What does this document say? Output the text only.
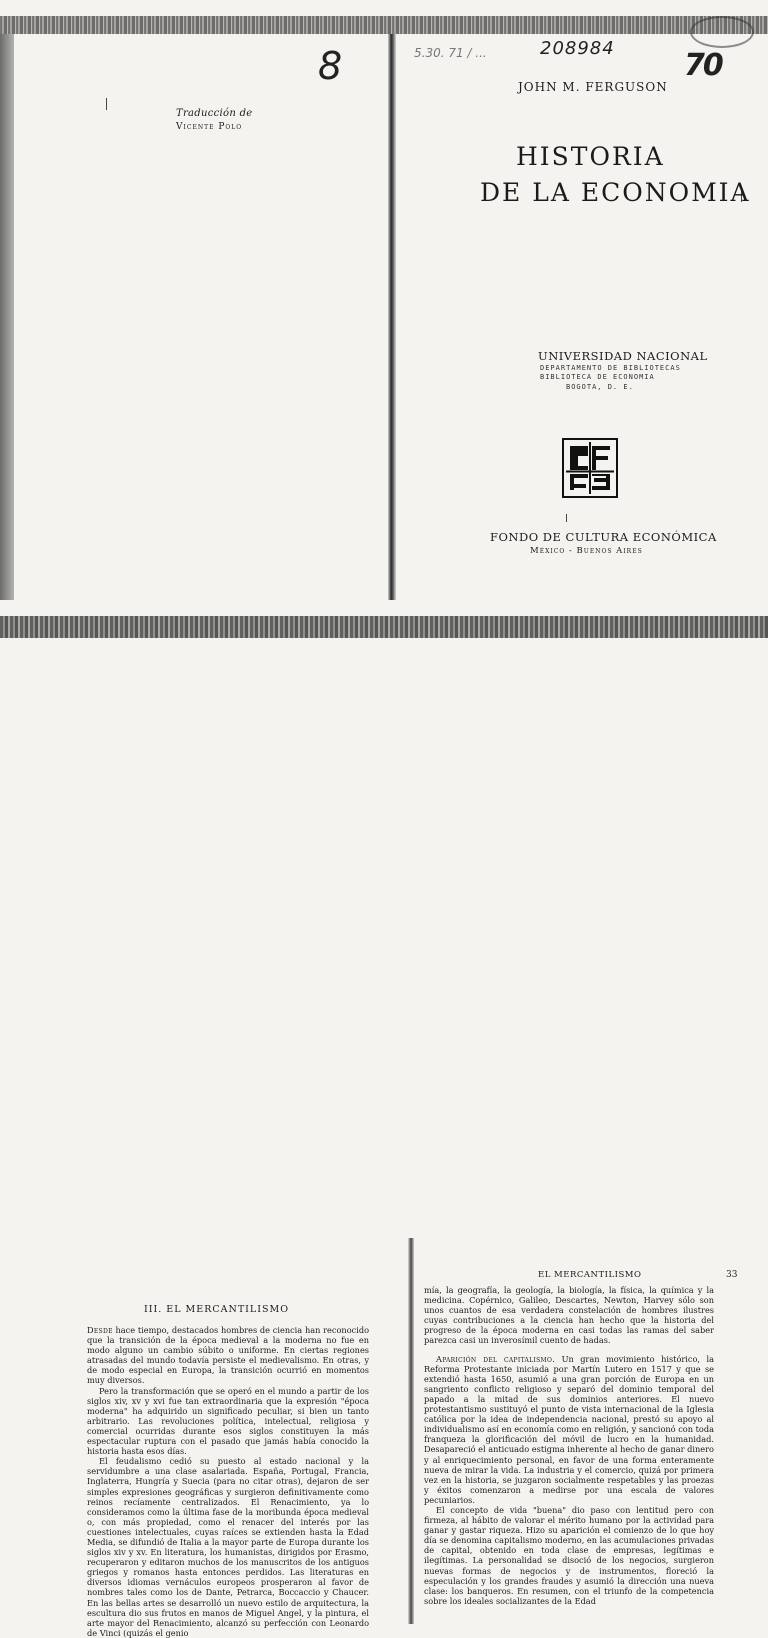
Traducción de
Vicente Polo
8	5.30. 71 / ...	208984 70
JOHN M. FERGUSON
HISTORIA
DE LA ECONOMIA
UNIVERSIDAD NACIONAL
DEPARTAMENTO DE BIBLIOTECAS
BIBLIOTECA DE ECONOMIA
BOGOTA, D. E.
FONDO DE CULTURA ECONÓMICA
México - Buenos Aires
III. EL MERCANTILISMO

Desde hace tiempo, destacados hombres de ciencia han reconocido que la transición de la época medieval a la moderna no fue en modo alguno un cambio súbito o uniforme. En ciertas regiones atrasadas del mundo todavía persiste el medievalismo. En otras, y de modo especial en Europa, la transición ocurrió en momentos muy diversos.

Pero la transformación que se operó en el mundo a partir de los siglos xiv, xv y xvi fue tan extraordinaria que la expresión "época moderna" ha adquirido un significado peculiar, si bien un tanto arbitrario. Las revoluciones política, intelectual, religiosa y comercial ocurridas durante esos siglos constituyen la más espectacular ruptura con el pasado que jamás había conocido la historia hasta esos días.

El feudalismo cedió su puesto al estado nacional y la servidumbre a una clase asalariada. España, Portugal, Francia, Inglaterra, Hungría y Suecia (para no citar otras), dejaron de ser simples expresiones geográficas y surgieron definitivamente como reinos recíamente centralizados. El Renacimiento, ya lo consideramos como la última fase de la moribunda época medieval o, con más propiedad, como el renacer del interés por las cuestiones intelectuales, cuyas raíces se extienden hasta la Edad Media, se difundió de Italia a la mayor parte de Europa durante los siglos xiv y xv. En literatura, los humanistas, dirigidos por Erasmo, recuperaron y editaron muchos de los manuscritos de los antiguos griegos y romanos hasta entonces perdidos. Las literaturas en diversos idiomas vernáculos europeos prosperaron al favor de nombres tales como los de Dante, Petrarca, Boccaccio y Chaucer. En las bellas artes se desarrolló un nuevo estilo de arquitectura, la escultura dio sus frutos en manos de Miguel Angel, y la pintura, el arte mayor del Renacimiento, alcanzó su perfección con Leonardo de Vinci (quizás el genio

EL MERCANTILISMO	33

mía, la geografía, la geología, la biología, la física, la química y la medicina. Copérnico, Galileo, Descartes, Newton, Harvey sólo son unos cuantos de esa verdadera constelación de hombres ilustres cuyas contribuciones a la ciencia han hecho que la historia del progreso de la época moderna en casi todas las ramas del saber parezca casi un inverosímil cuento de hadas.

Aparición del capitalismo. Un gran movimiento histórico, la Reforma Protestante iniciada por Martín Lutero en 1517 y que se extendió hasta 1650, asumió a una gran porción de Europa en un sangriento conflicto religioso y separó del dominio temporal del papado a la mitad de sus dominios anteriores. El nuevo protestantismo sustituyó el punto de vista internacional de la Iglesia católica por la idea de independencia nacional, prestó su apoyo al individualismo así en economía como en religión, y sancionó con toda franqueza la glorificación del móvil de lucro en la humanidad. Desapareció el anticuado estigma inherente al hecho de ganar dinero y al enriquecimiento personal, en favor de una forma enteramente nueva de mirar la vida. La industria y el comercio, quizá por primera vez en la historia, se juzgaron socialmente respetables y las proezas y éxitos comenzaron a medirse por una escala de valores pecuniarios.

El concepto de vida "buena" dio paso con lentitud pero con firmeza, al hábito de valorar el mérito humano por la actividad para ganar y gastar riqueza. Hizo su aparición el comienzo de lo que hoy día se denomina capitalismo moderno, en las acumulaciones privadas de capital, obtenido en toda clase de empresas, legítimas e ilegítimas. La personalidad se disoció de los negocios, surgieron nuevas formas de negocios y de instrumentos, floreció la especulación y los grandes fraudes y asumió la dirección una nueva clase: los banqueros. En resumen, con el triunfo de la competencia sobre los ideales socializantes de la Edad
